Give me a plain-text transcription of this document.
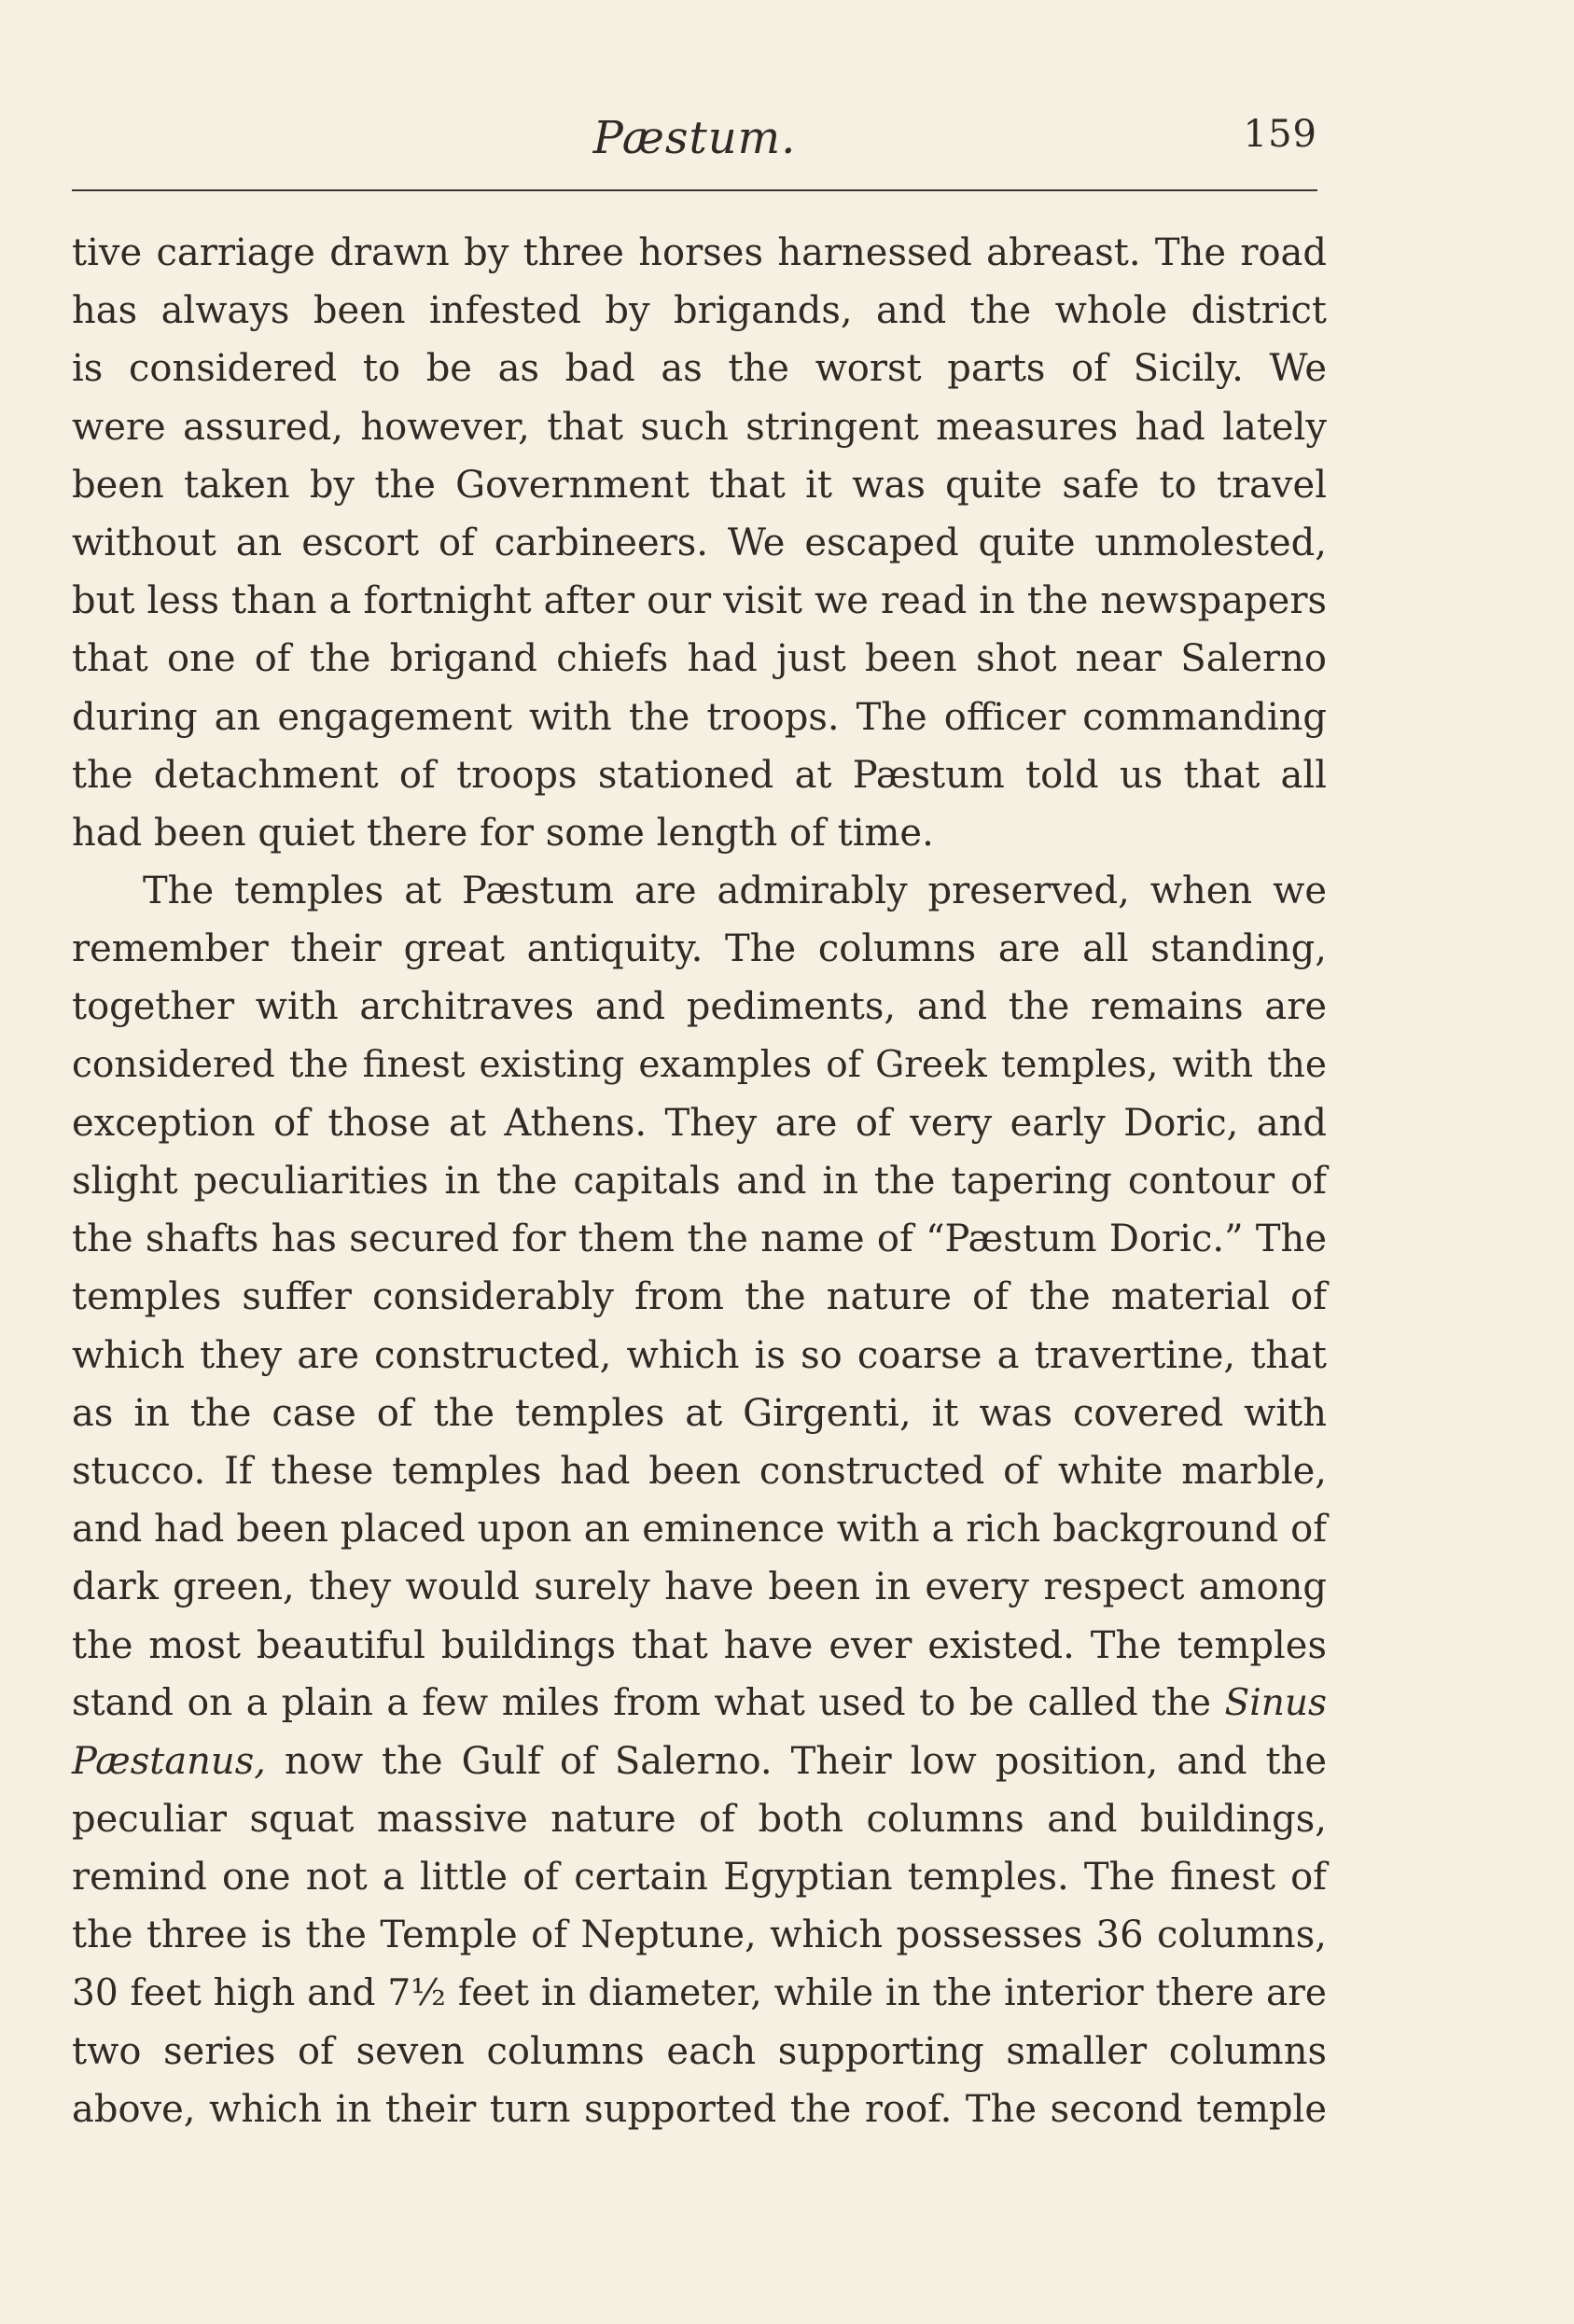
Pæstum.	159
tive carriage drawn by three horses harnessed abreast. The road
has always been infested by brigands, and the whole district
is considered to be as bad as the worst parts of Sicily. We
were assured, however, that such stringent measures had lately
been taken by the Government that it was quite safe to travel
without an escort of carbineers. We escaped quite unmolested,
but less than a fortnight after our visit we read in the newspapers
that one of the brigand chiefs had just been shot near Salerno
during an engagement with the troops. The officer commanding
the detachment of troops stationed at Pæstum told us that all
had been quiet there for some length of time.
The temples at Pæstum are admirably preserved, when we
remember their great antiquity. The columns are all standing,
together with architraves and pediments, and the remains are
considered the finest existing examples of Greek temples, with the
exception of those at Athens. They are of very early Doric, and
slight peculiarities in the capitals and in the tapering contour of
the shafts has secured for them the name of “Pæstum Doric.” The
temples suffer considerably from the nature of the material of
which they are constructed, which is so coarse a travertine, that
as in the case of the temples at Girgenti, it was covered with
stucco. If these temples had been constructed of white marble,
and had been placed upon an eminence with a rich background of
dark green, they would surely have been in every respect among
the most beautiful buildings that have ever existed. The temples
stand on a plain a few miles from what used to be called the Sinus
Pæstanus, now the Gulf of Salerno. Their low position, and the
peculiar squat massive nature of both columns and buildings,
remind one not a little of certain Egyptian temples. The finest of
the three is the Temple of Neptune, which possesses 36 columns,
30 feet high and 7½ feet in diameter, while in the interior there are
two series of seven columns each supporting smaller columns
above, which in their turn supported the roof. The second temple
